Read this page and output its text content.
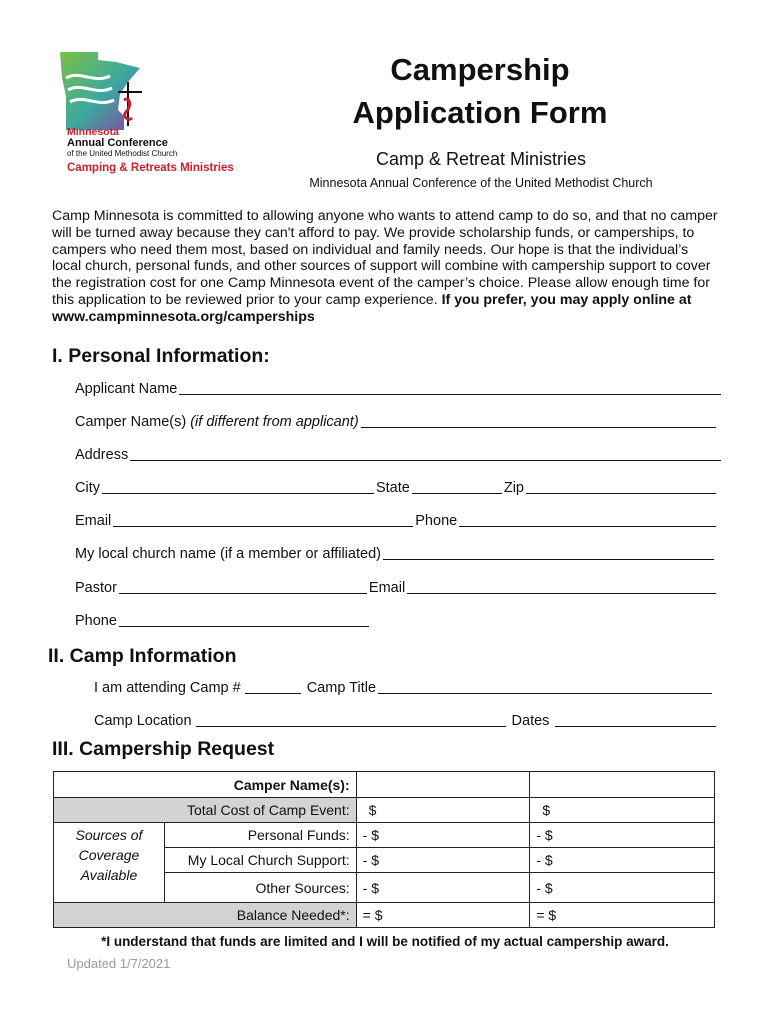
Minnesota
Annual Conference
of the United Methodist Church
Camping & Retreats Ministries
Campership
Application Form
Camp & Retreat Ministries
Minnesota Annual Conference of the United Methodist Church
Camp Minnesota is committed to allowing anyone who wants to attend camp to do so, and that no camper will be turned away because they can't afford to pay. We provide scholarship funds, or camperships, to campers who need them most, based on individual and family needs. Our hope is that the individual’s local church, personal funds, and other sources of support will combine with campership support to cover the registration cost for one Camp Minnesota event of the camper’s choice. Please allow enough time for this application to be reviewed prior to your camp experience. If you prefer, you may apply online at www.campminnesota.org/camperships
I. Personal Information:
Applicant Name
Camper Name(s)
(if different from applicant)
Address
City	State	Zip
Email	Phone
My local church name (if a member or affiliated)
Pastor	Email
Phone
II. Camp Information
I am attending Camp #	Camp Title
Camp Location	Dates
III. Campership Request
Camper Name(s):			
Total Cost of Camp Event:		$	$
Sources of Coverage Available	Personal Funds:	- $	- $
	My Local Church Support:	- $	- $
	Other Sources:	- $	- $
Balance Needed*:		= $	= $
*I understand that funds are limited and I will be notified of my actual campership award.
Updated 1/7/2021
